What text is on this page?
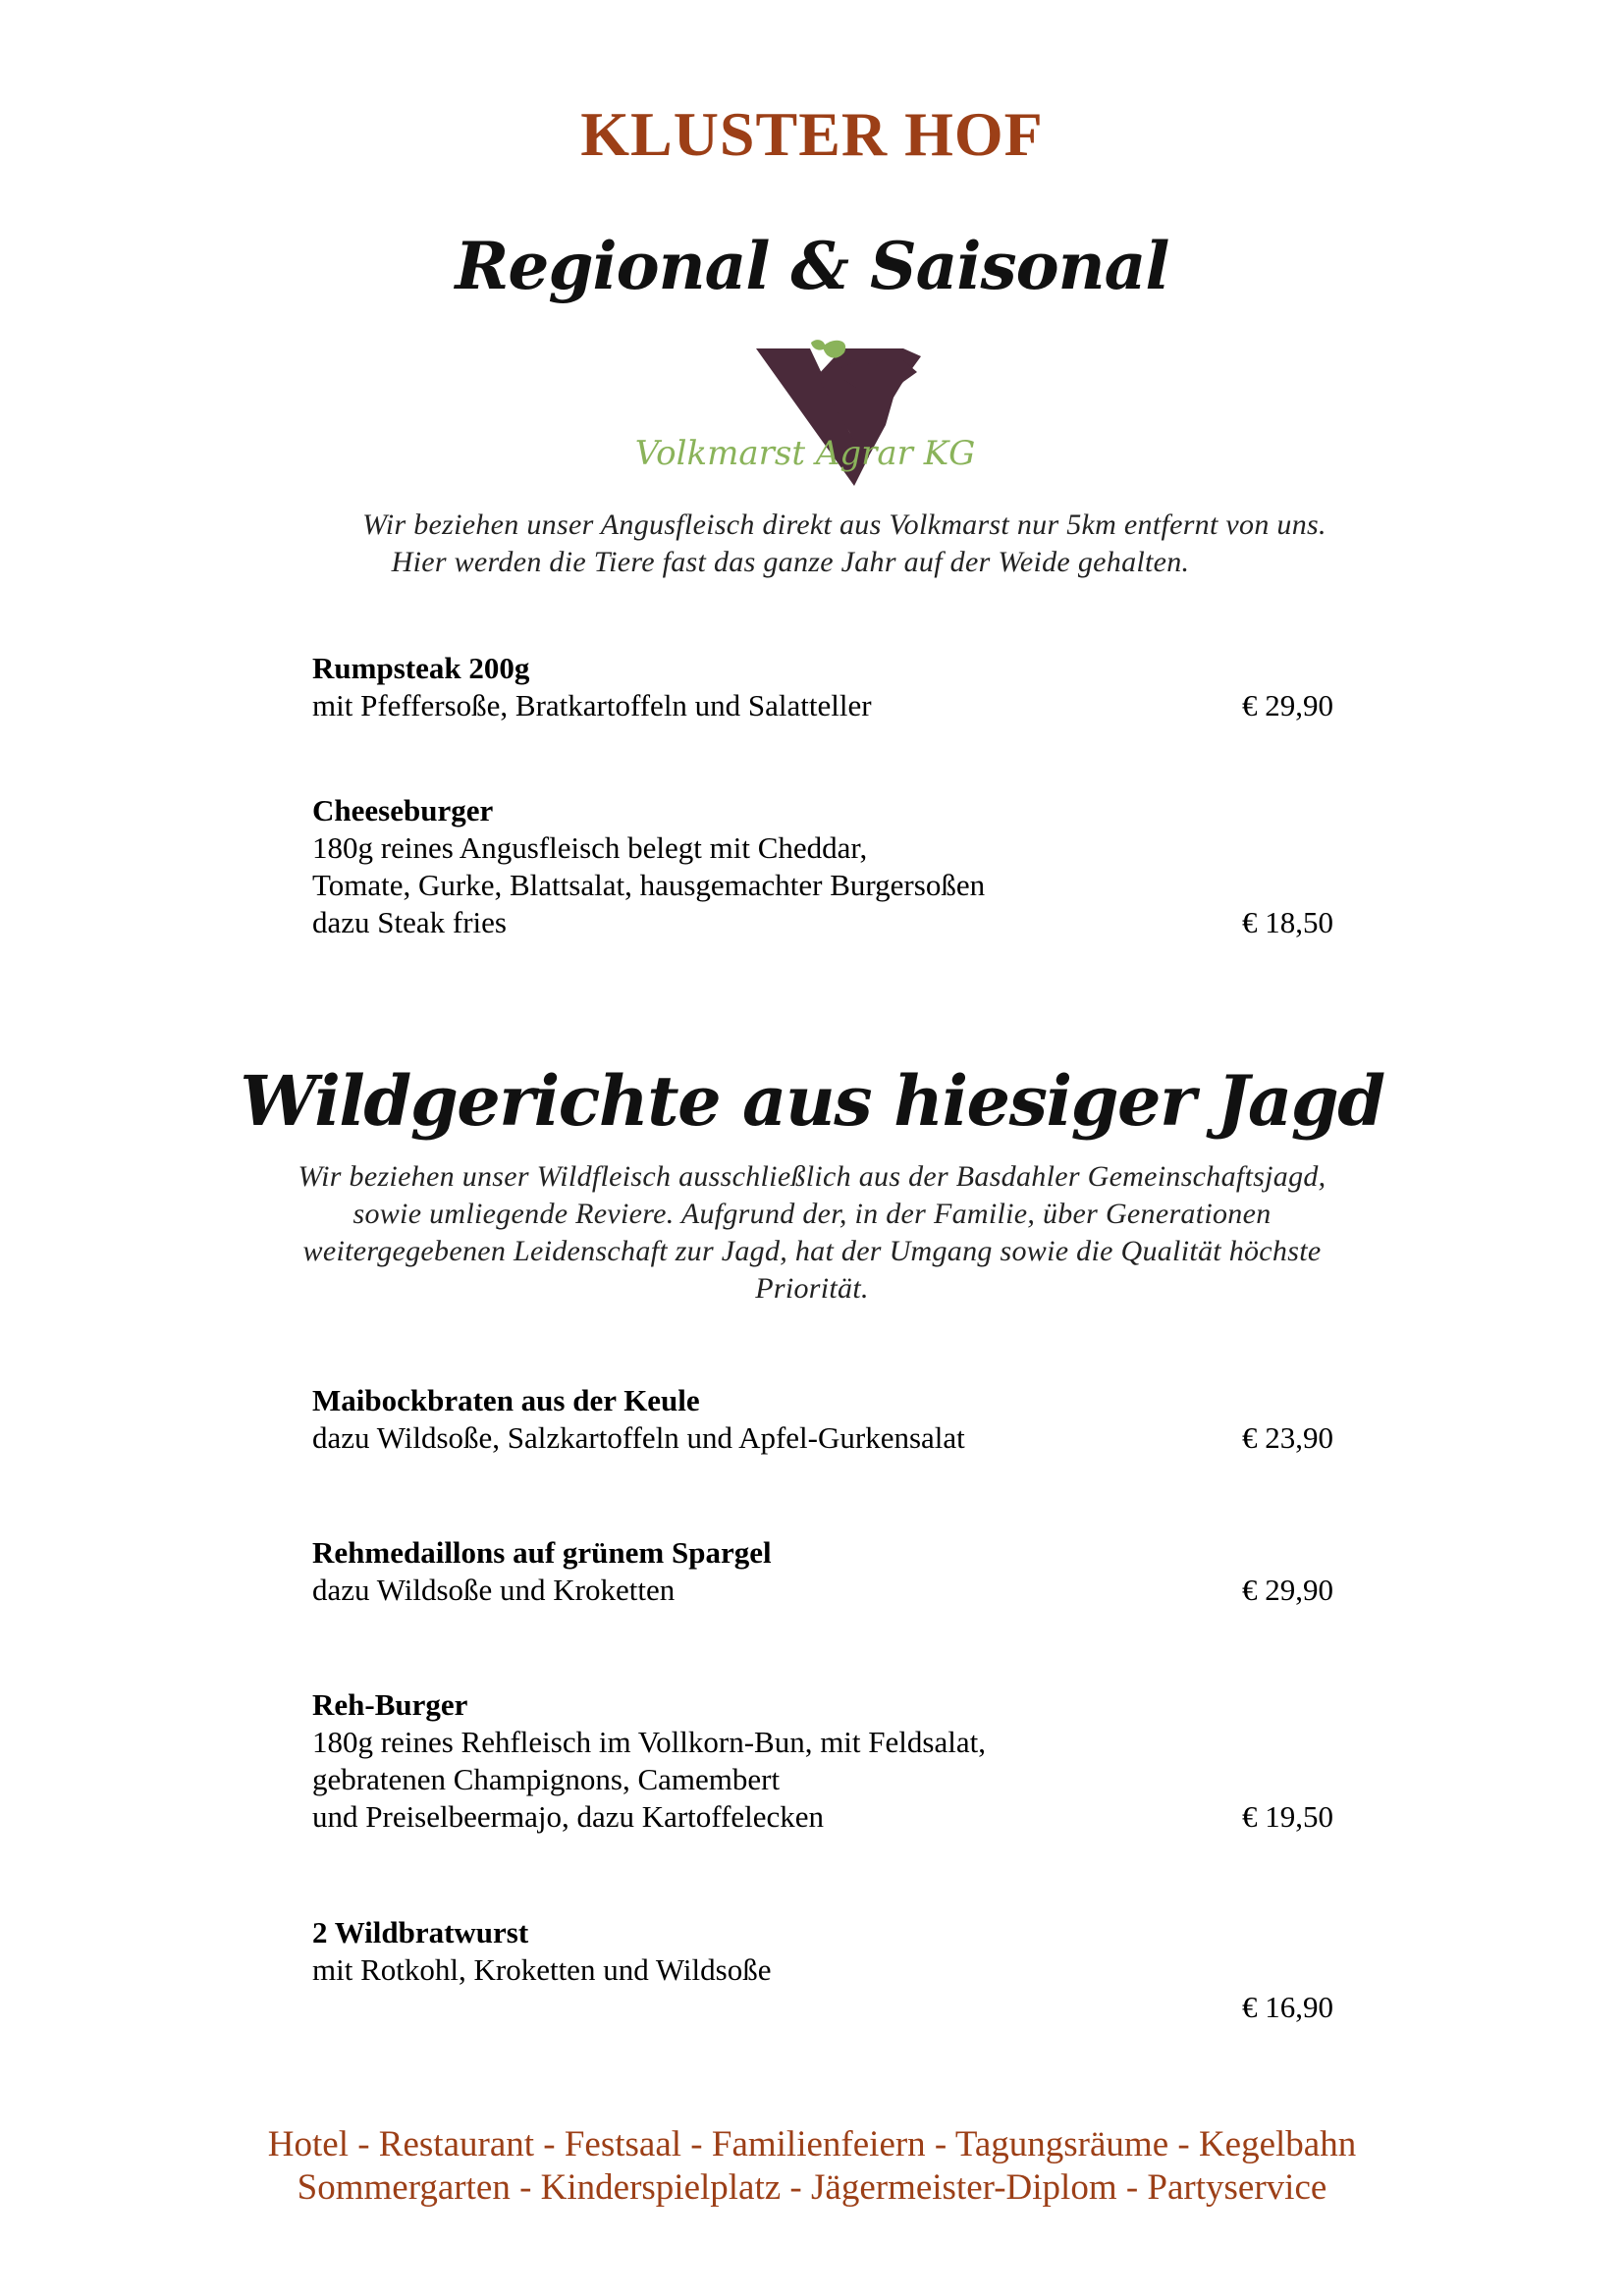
KLUSTER HOF
Regional & Saisonal
Volkmarst Agrar KG
Wir beziehen unser Angusfleisch direkt aus Volkmarst nur 5km entfernt von uns.
Hier werden die Tiere fast das ganze Jahr auf der Weide gehalten.
Rumpsteak 200g
mit Pfeffersoße, Bratkartoffeln und Salatteller	€ 29,90
Cheeseburger
180g reines Angusfleisch belegt mit Cheddar,
Tomate, Gurke, Blattsalat, hausgemachter Burgersoßen
dazu Steak fries	€ 18,50
Wildgerichte aus hiesiger Jagd
Wir beziehen unser Wildfleisch ausschließlich aus der Basdahler Gemeinschaftsjagd,
sowie umliegende Reviere. Aufgrund der, in der Familie, über Generationen
weitergegebenen Leidenschaft zur Jagd, hat der Umgang sowie die Qualität höchste
Priorität.
Maibockbraten aus der Keule
dazu Wildsoße, Salzkartoffeln und Apfel-Gurkensalat	€ 23,90
Rehmedaillons auf grünem Spargel
dazu Wildsoße und Kroketten	€ 29,90
Reh-Burger
180g reines Rehfleisch im Vollkorn-Bun, mit Feldsalat,
gebratenen Champignons, Camembert
und Preiselbeermajo, dazu Kartoffelecken	€ 19,50
2 Wildbratwurst
mit Rotkohl, Kroketten und Wildsoße
€ 16,90
Hotel - Restaurant - Festsaal - Familienfeiern - Tagungsräume - Kegelbahn
Sommergarten - Kinderspielplatz - Jägermeister-Diplom - Partyservice
